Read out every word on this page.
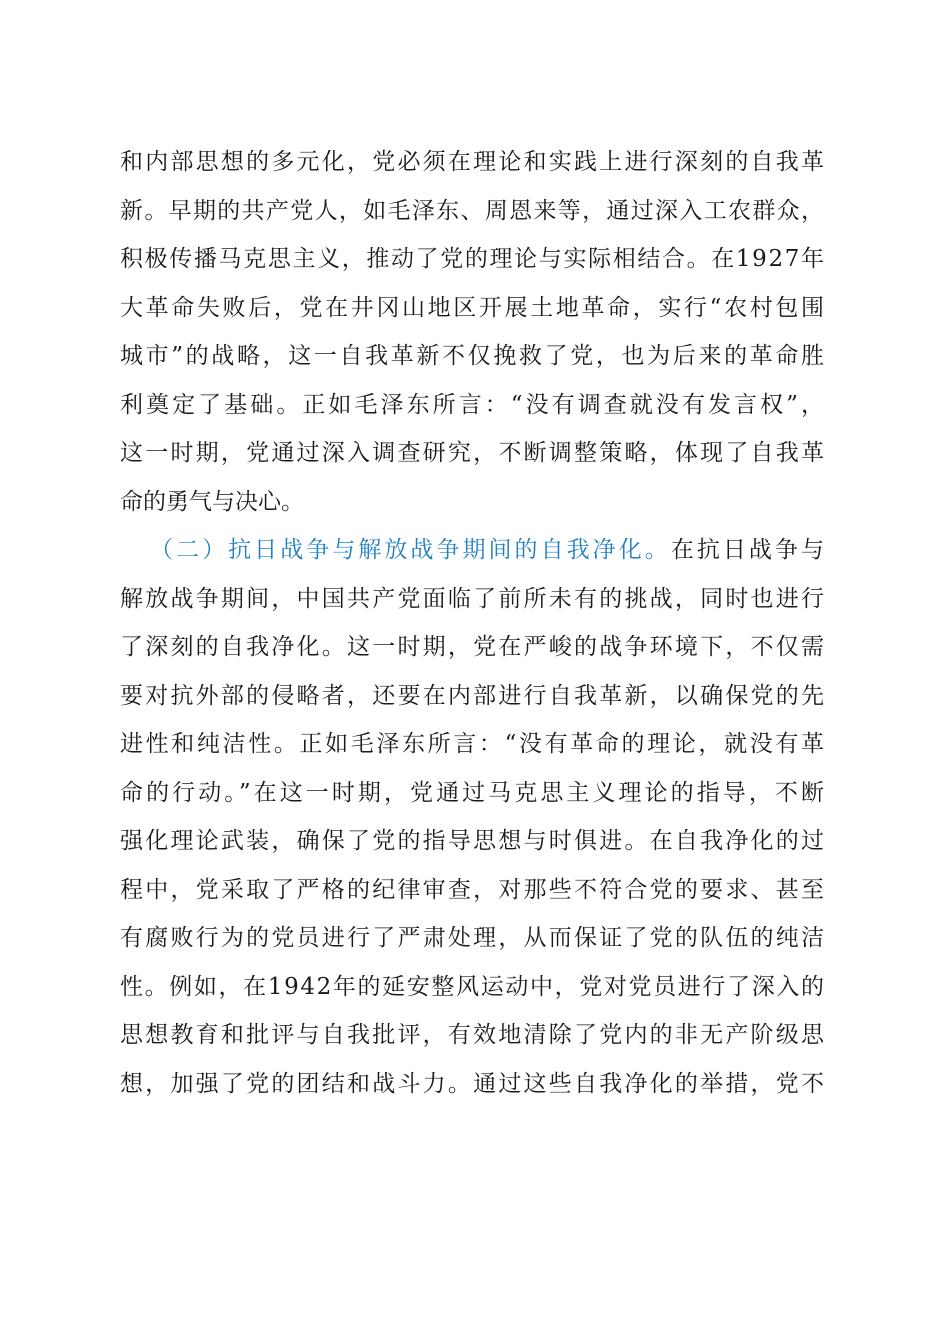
和内部思想的多元化，党必须在理论和实践上进行深刻的自我革
新。早期的共产党人，如毛泽东、周恩来等，通过深入工农群众，
积极传播马克思主义，推动了党的理论与实际相结合。在1927年
大革命失败后，党在井冈山地区开展土地革命，实行“农村包围
城市”的战略，这一自我革新不仅挽救了党，也为后来的革命胜
利奠定了基础。正如毛泽东所言：“没有调查就没有发言权”，
这一时期，党通过深入调查研究，不断调整策略，体现了自我革
命的勇气与决心。
（二）抗日战争与解放战争期间的自我净化。在抗日战争与
解放战争期间，中国共产党面临了前所未有的挑战，同时也进行
了深刻的自我净化。这一时期，党在严峻的战争环境下，不仅需
要对抗外部的侵略者，还要在内部进行自我革新，以确保党的先
进性和纯洁性。正如毛泽东所言：“没有革命的理论，就没有革
命的行动。”在这一时期，党通过马克思主义理论的指导，不断
强化理论武装，确保了党的指导思想与时俱进。在自我净化的过
程中，党采取了严格的纪律审查，对那些不符合党的要求、甚至
有腐败行为的党员进行了严肃处理，从而保证了党的队伍的纯洁
性。例如，在1942年的延安整风运动中，党对党员进行了深入的
思想教育和批评与自我批评，有效地清除了党内的非无产阶级思
想，加强了党的团结和战斗力。通过这些自我净化的举措，党不
